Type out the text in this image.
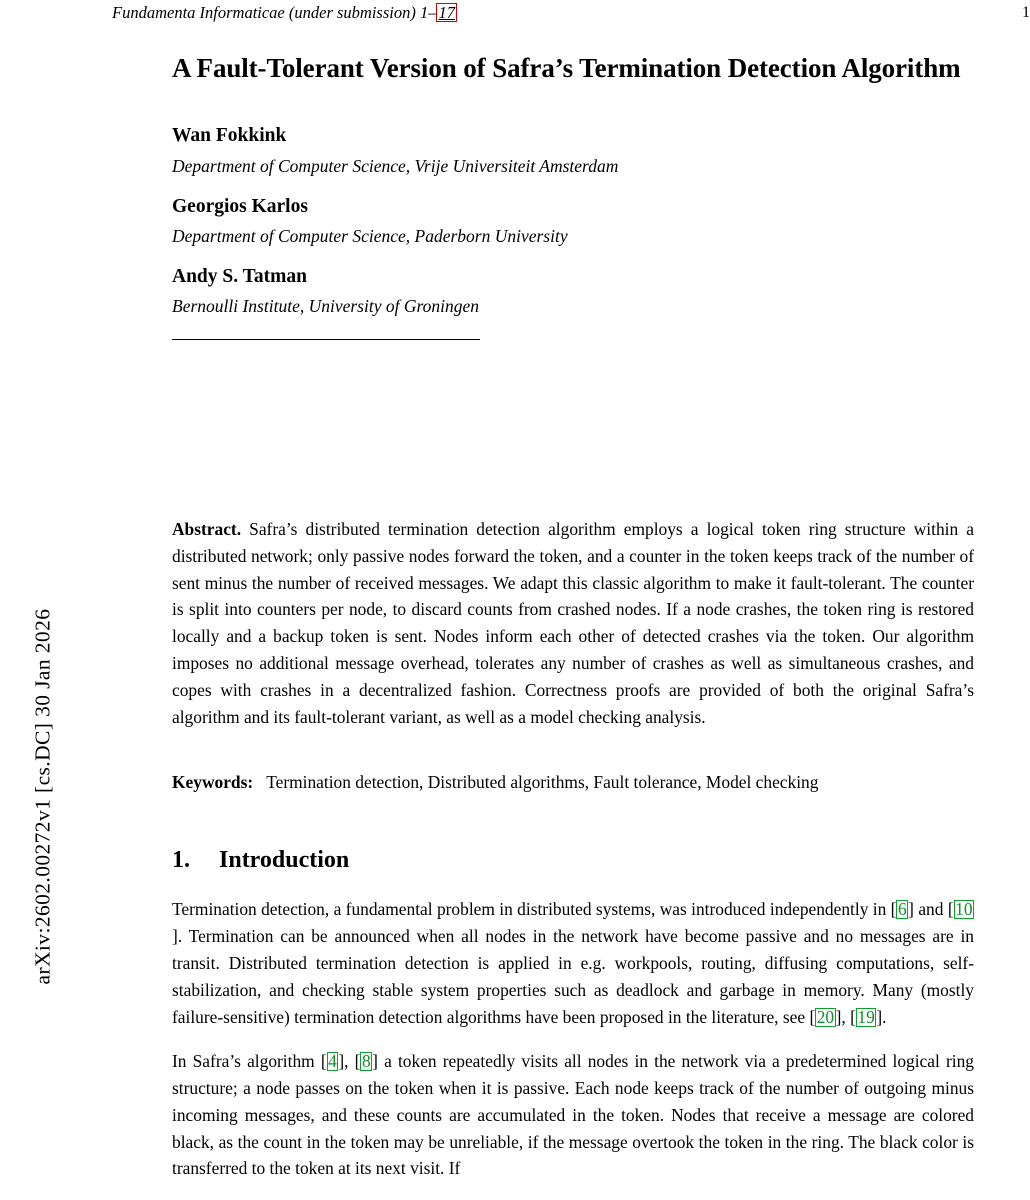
arXiv:2602.00272v1 [cs.DC] 30 Jan 2026
Fundamenta Informaticae (under submission) 1– 17	1
A Fault-Tolerant Version of Safra’s Termination Detection Algorithm
Wan Fokkink
Department of Computer Science, Vrije Universiteit Amsterdam
Georgios Karlos
Department of Computer Science, Paderborn University
Andy S. Tatman
Bernoulli Institute, University of Groningen
Abstract. Safra’s distributed termination detection algorithm employs a logical token ring structure within a distributed network; only passive nodes forward the token, and a counter in the token keeps track of the number of sent minus the number of received messages. We adapt this classic algorithm to make it fault-tolerant. The counter is split into counters per node, to discard counts from crashed nodes. If a node crashes, the token ring is restored locally and a backup token is sent. Nodes inform each other of detected crashes via the token. Our algorithm imposes no additional message overhead, tolerates any number of crashes as well as simultaneous crashes, and copes with crashes in a decentralized fashion. Correctness proofs are provided of both the original Safra’s algorithm and its fault-tolerant variant, as well as a model checking analysis.
Keywords: Termination detection, Distributed algorithms, Fault tolerance, Model checking
1.	Introduction

Termination detection, a fundamental problem in distributed systems, was introduced independently in [6] and [10]. Termination can be announced when all nodes in the network have become passive and no messages are in transit. Distributed termination detection is applied in e.g. workpools, routing, diffusing computations, self-stabilization, and checking stable system properties such as deadlock and garbage in memory. Many (mostly failure-sensitive) termination detection algorithms have been proposed in the literature, see [20], [19].

In Safra’s algorithm [4], [8] a token repeatedly visits all nodes in the network via a predetermined logical ring structure; a node passes on the token when it is passive. Each node keeps track of the number of outgoing minus incoming messages, and these counts are accumulated in the token. Nodes that receive a message are colored black, as the count in the token may be unreliable, if the message overtook the token in the ring. The black color is transferred to the token at its next visit. If
